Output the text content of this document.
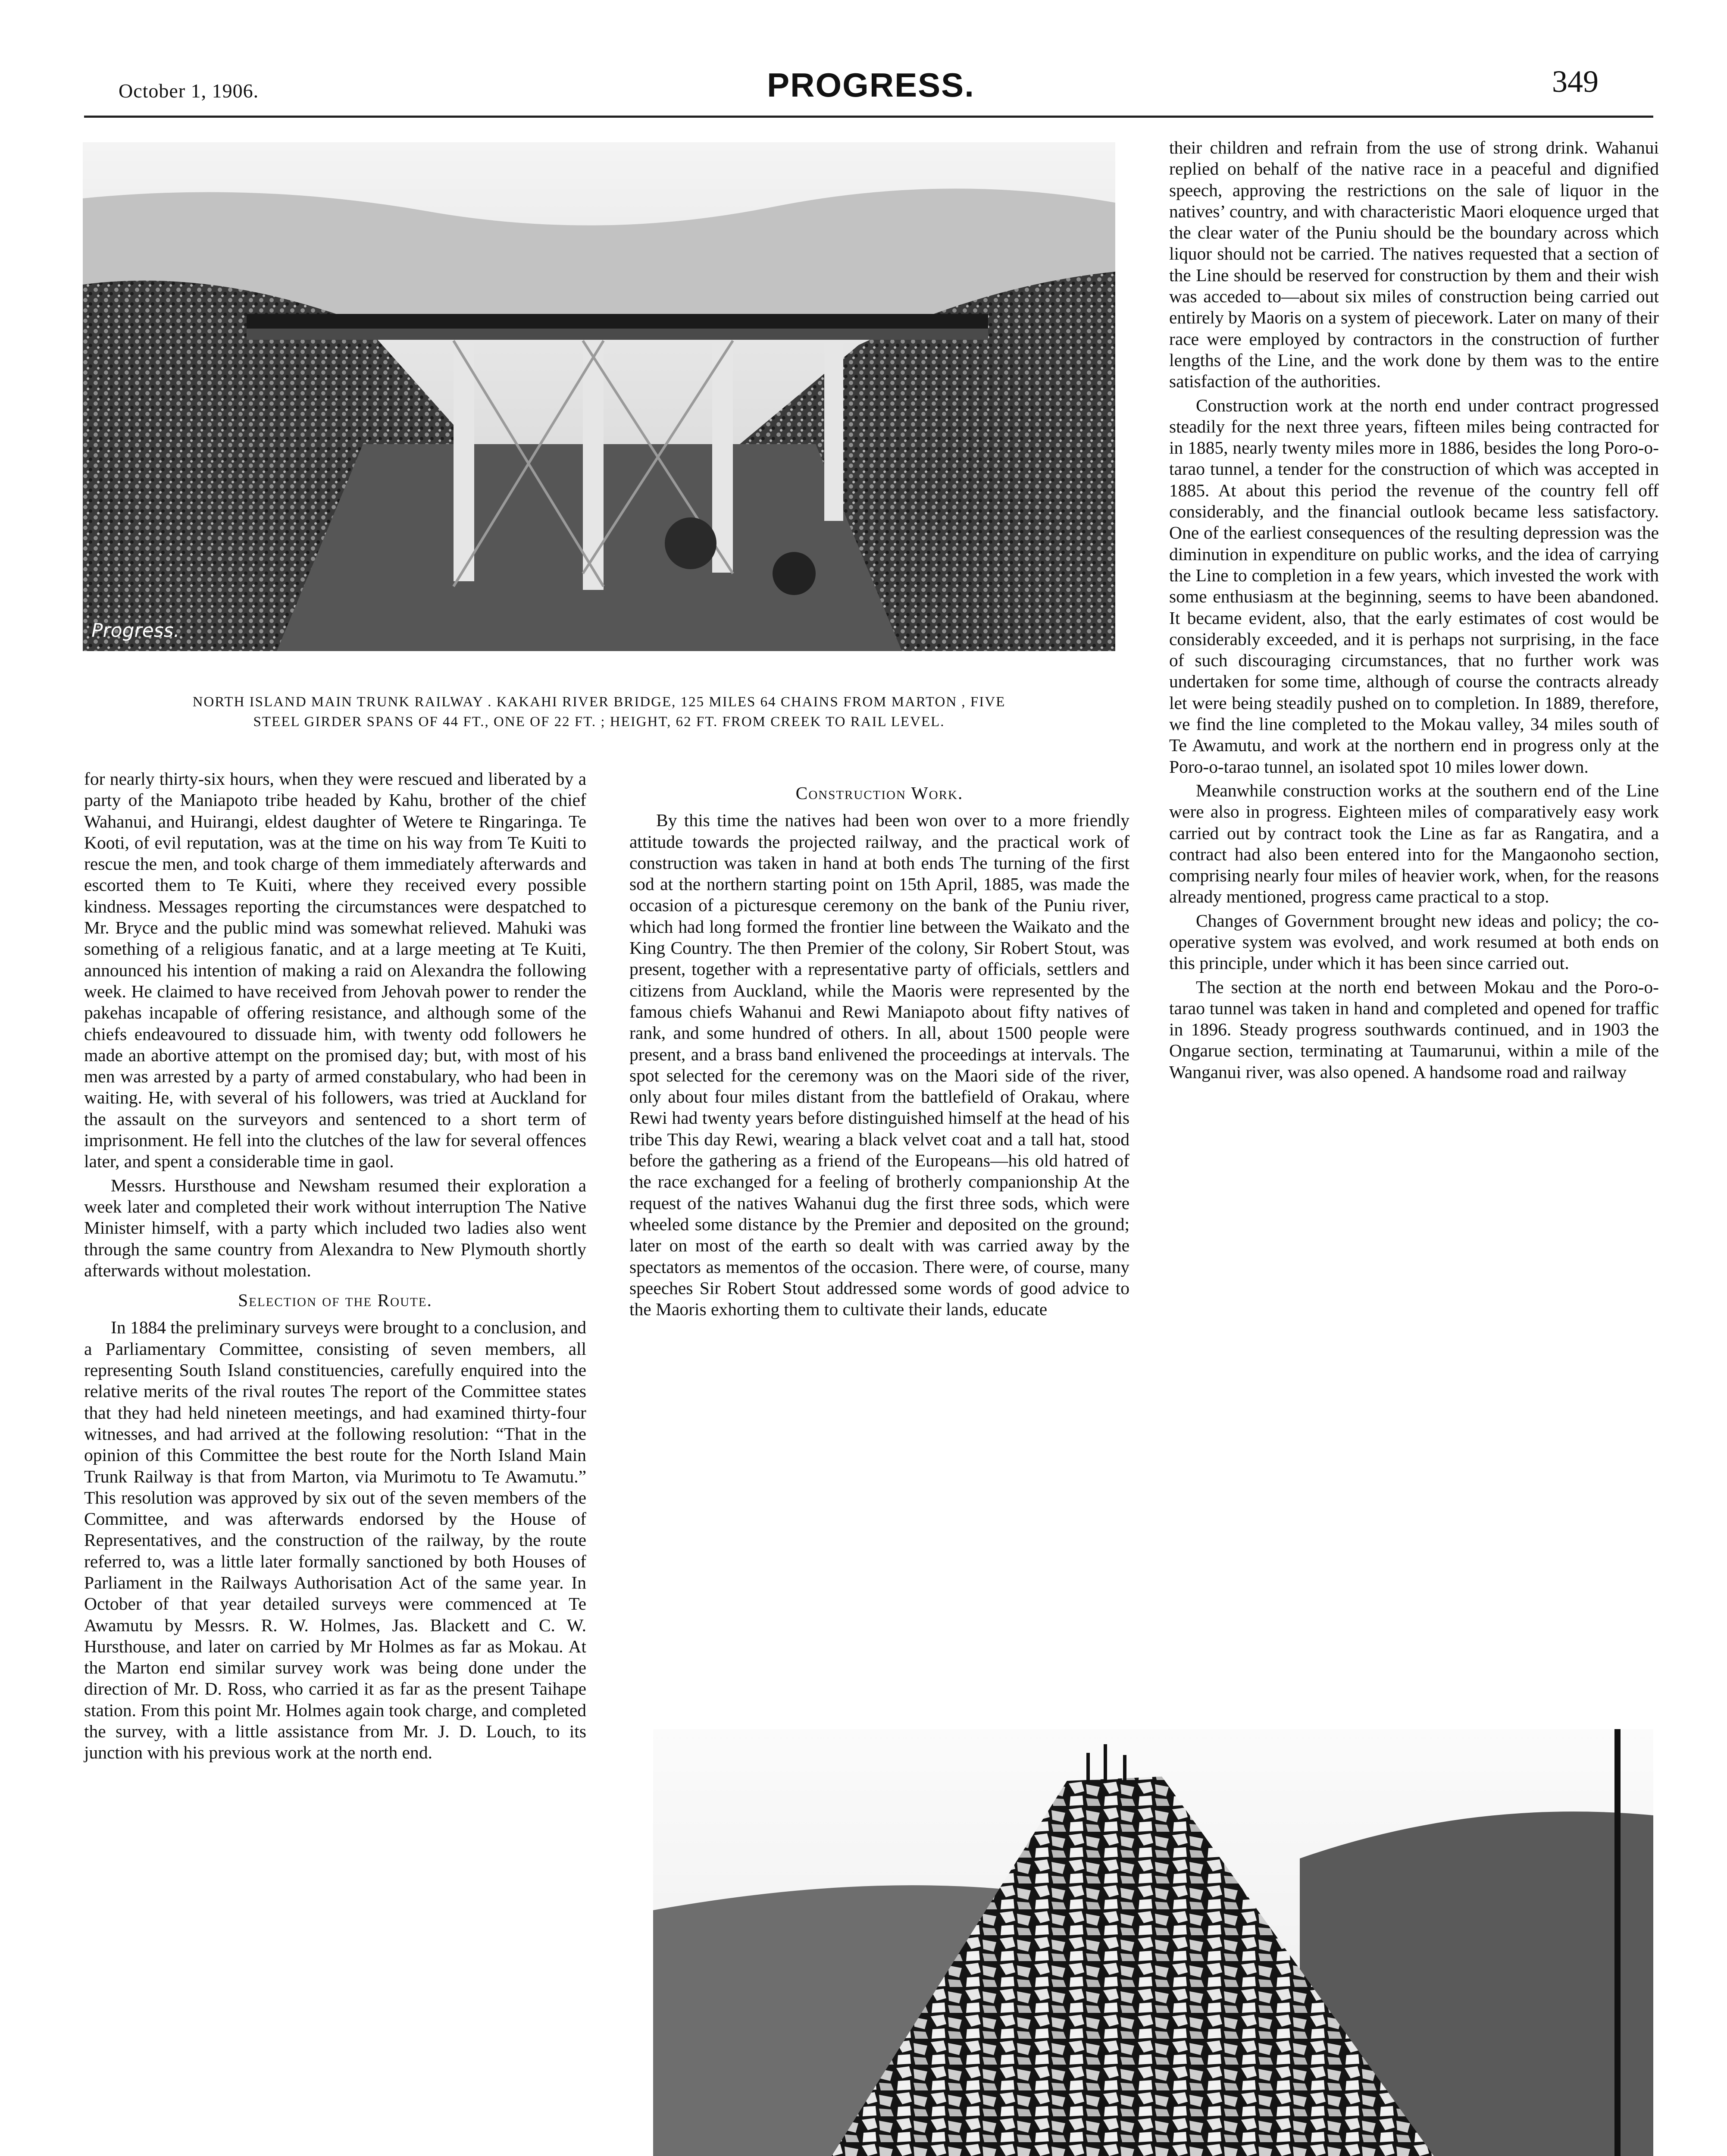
October 1, 1906.	PROGRESS.	349
Progress.
NORTH ISLAND MAIN TRUNK RAILWAY . KAKAHI RIVER BRIDGE, 125 MILES 64 CHAINS FROM MARTON , FIVE
STEEL GIRDER SPANS OF 44 FT., ONE OF 22 FT. ; HEIGHT, 62 FT. FROM CREEK TO RAIL LEVEL.

for nearly thirty-six hours, when they were rescued and liberated by a party of the Maniapoto tribe headed by Kahu, brother of the chief Wahanui, and Huirangi, eldest daughter of Wetere te Ringaringa. Te Kooti, of evil reputation, was at the time on his way from Te Kuiti to rescue the men, and took charge of them immediately afterwards and escorted them to Te Kuiti, where they received every possible kindness. Messages reporting the circumstances were despatched to Mr. Bryce and the public mind was somewhat relieved. Mahuki was something of a religious fanatic, and at a large meeting at Te Kuiti, announced his intention of making a raid on Alexandra the following week. He claimed to have received from Jehovah power to render the pakehas incapable of offering resistance, and although some of the chiefs endeavoured to dissuade him, with twenty odd followers he made an abortive attempt on the promised day; but, with most of his men was arrested by a party of armed constabulary, who had been in waiting. He, with several of his followers, was tried at Auckland for the assault on the surveyors and sentenced to a short term of imprisonment. He fell into the clutches of the law for several offences later, and spent a considerable time in gaol.

Messrs. Hursthouse and Newsham resumed their exploration a week later and completed their work without interruption The Native Minister himself, with a party which included two ladies also went through the same country from Alexandra to New Plymouth shortly afterwards without molestation.

Selection of the Route.

In 1884 the preliminary surveys were brought to a conclusion, and a Parliamentary Committee, consisting of seven members, all representing South Island constituencies, carefully enquired into the relative merits of the rival routes The report of the Committee states that they had held nineteen meetings, and had examined thirty-four witnesses, and had arrived at the following resolution: “That in the opinion of this Committee the best route for the North Island Main Trunk Railway is that from Marton, via Murimotu to Te Awamutu.” This resolution was approved by six out of the seven members of the Committee, and was afterwards endorsed by the House of Representatives, and the construction of the railway, by the route referred to, was a little later formally sanctioned by both Houses of Parliament in the Railways Authorisation Act of the same year. In October of that year detailed surveys were commenced at Te Awamutu by Messrs. R. W. Holmes, Jas. Blackett and C. W. Hursthouse, and later on carried by Mr Holmes as far as Mokau. At the Marton end similar survey work was being done under the direction of Mr. D. Ross, who carried it as far as the present Taihape station. From this point Mr. Holmes again took charge, and completed the survey, with a little assistance from Mr. J. D. Louch, to its junction with his previous work at the north end.

Construction Work.

By this time the natives had been won over to a more friendly attitude towards the projected railway, and the practical work of construction was taken in hand at both ends The turning of the first sod at the northern starting point on 15th April, 1885, was made the occasion of a picturesque ceremony on the bank of the Puniu river, which had long formed the frontier line between the Waikato and the King Country. The then Premier of the colony, Sir Robert Stout, was present, together with a representative party of officials, settlers and citizens from Auckland, while the Maoris were represented by the famous chiefs Wahanui and Rewi Maniapoto about fifty natives of rank, and some hundred of others. In all, about 1500 people were present, and a brass band enlivened the proceedings at intervals. The spot selected for the ceremony was on the Maori side of the river, only about four miles distant from the battlefield of Orakau, where Rewi had twenty years before distinguished himself at the head of his tribe This day Rewi, wearing a black velvet coat and a tall hat, stood before the gathering as a friend of the Europeans—his old hatred of the race exchanged for a feeling of brotherly companionship At the request of the natives Wahanui dug the first three sods, which were wheeled some distance by the Premier and deposited on the ground; later on most of the earth so dealt with was carried away by the spectators as mementos of the occasion. There were, of course, many speeches Sir Robert Stout addressed some words of good advice to the Maoris exhorting them to cultivate their lands, educate

their children and refrain from the use of strong drink. Wahanui replied on behalf of the native race in a peaceful and dignified speech, approving the restrictions on the sale of liquor in the natives’ country, and with characteristic Maori eloquence urged that the clear water of the Puniu should be the boundary across which liquor should not be carried. The natives requested that a section of the Line should be reserved for construction by them and their wish was acceded to—about six miles of construction being carried out entirely by Maoris on a system of piecework. Later on many of their race were employed by contractors in the construction of further lengths of the Line, and the work done by them was to the entire satisfaction of the authorities.

Construction work at the north end under contract progressed steadily for the next three years, fifteen miles being contracted for in 1885, nearly twenty miles more in 1886, besides the long Poro-o-tarao tunnel, a tender for the construction of which was accepted in 1885. At about this period the revenue of the country fell off considerably, and the financial outlook became less satisfactory. One of the earliest consequences of the resulting depression was the diminution in expenditure on public works, and the idea of carrying the Line to completion in a few years, which invested the work with some enthusiasm at the beginning, seems to have been abandoned. It became evident, also, that the early estimates of cost would be considerably exceeded, and it is perhaps not surprising, in the face of such discouraging circumstances, that no further work was undertaken for some time, although of course the contracts already let were being steadily pushed on to completion. In 1889, therefore, we find the line completed to the Mokau valley, 34 miles south of Te Awamutu, and work at the northern end in progress only at the Poro-o-tarao tunnel, an isolated spot 10 miles lower down.

Meanwhile construction works at the southern end of the Line were also in progress. Eighteen miles of comparatively easy work carried out by contract took the Line as far as Rangatira, and a contract had also been entered into for the Mangaonoho section, comprising nearly four miles of heavier work, when, for the reasons already mentioned, progress came practical to a stop.

Changes of Government brought new ideas and policy; the co-operative system was evolved, and work resumed at both ends on this principle, under which it has been since carried out.

The section at the north end between Mokau and the Poro-o-tarao tunnel was taken in hand and completed and opened for traffic in 1896. Steady progress southwards continued, and in 1903 the Ongarue section, terminating at Taumarunui, within a mile of the Wanganui river, was also opened. A handsome road and railway
